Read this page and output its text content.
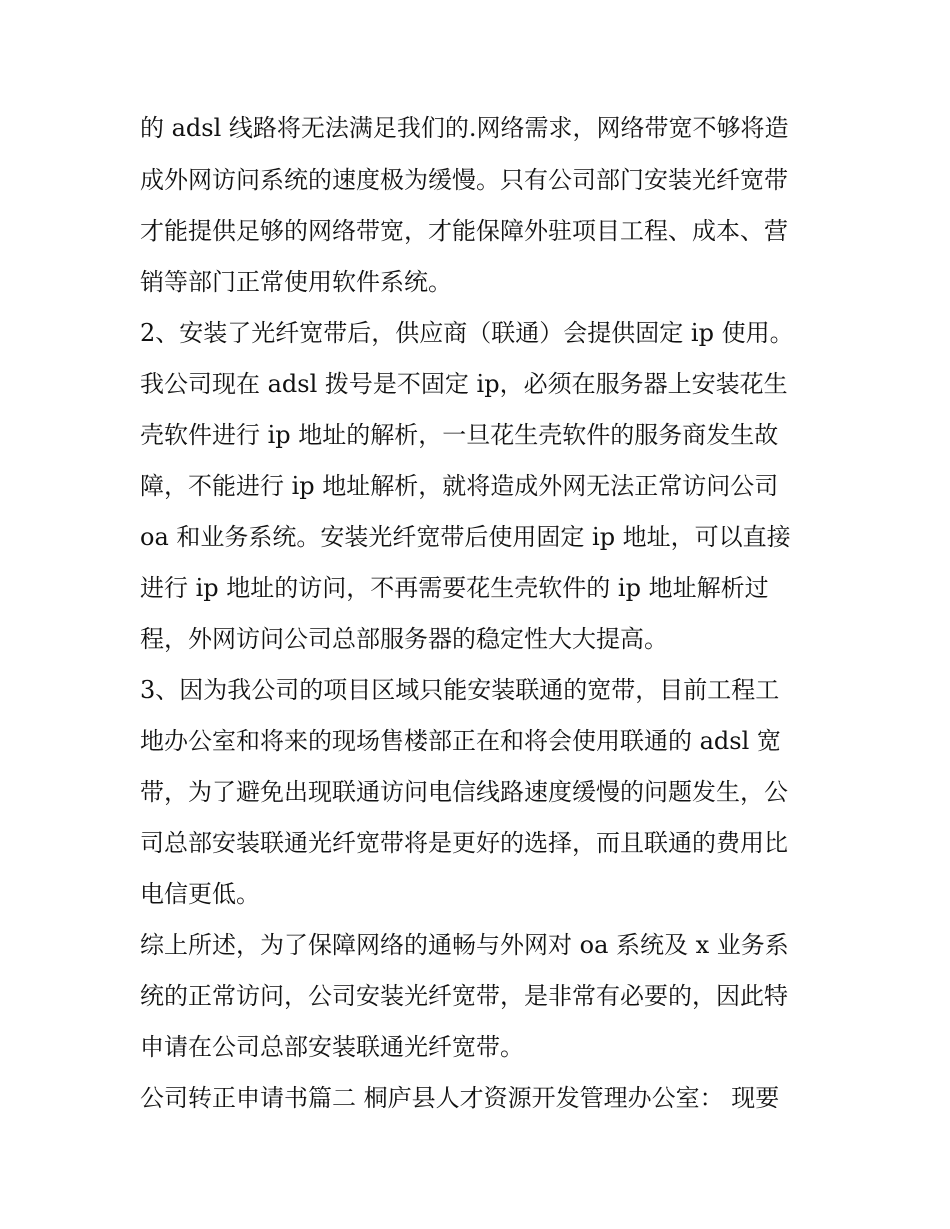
的 adsl 线路将无法满足我们的.网络需求，网络带宽不够将造
成外网访问系统的速度极为缓慢。只有公司部门安装光纤宽带
才能提供足够的网络带宽，才能保障外驻项目工程、成本、营
销等部门正常使用软件系统。
2、安装了光纤宽带后，供应商（联通）会提供固定 ip 使用。
我公司现在 adsl 拨号是不固定 ip，必须在服务器上安装花生
壳软件进行 ip 地址的解析，一旦花生壳软件的服务商发生故
障，不能进行 ip 地址解析，就将造成外网无法正常访问公司
oa 和业务系统。安装光纤宽带后使用固定 ip 地址，可以直接
进行 ip 地址的访问，不再需要花生壳软件的 ip 地址解析过
程，外网访问公司总部服务器的稳定性大大提高。
3、因为我公司的项目区域只能安装联通的宽带，目前工程工
地办公室和将来的现场售楼部正在和将会使用联通的 adsl 宽
带，为了避免出现联通访问电信线路速度缓慢的问题发生，公
司总部安装联通光纤宽带将是更好的选择，而且联通的费用比
电信更低。
综上所述，为了保障网络的通畅与外网对 oa 系统及 x 业务系
统的正常访问，公司安装光纤宽带，是非常有必要的，因此特
申请在公司总部安装联通光纤宽带。
公司转正申请书篇二 桐庐县人才资源开发管理办公室： 现要
